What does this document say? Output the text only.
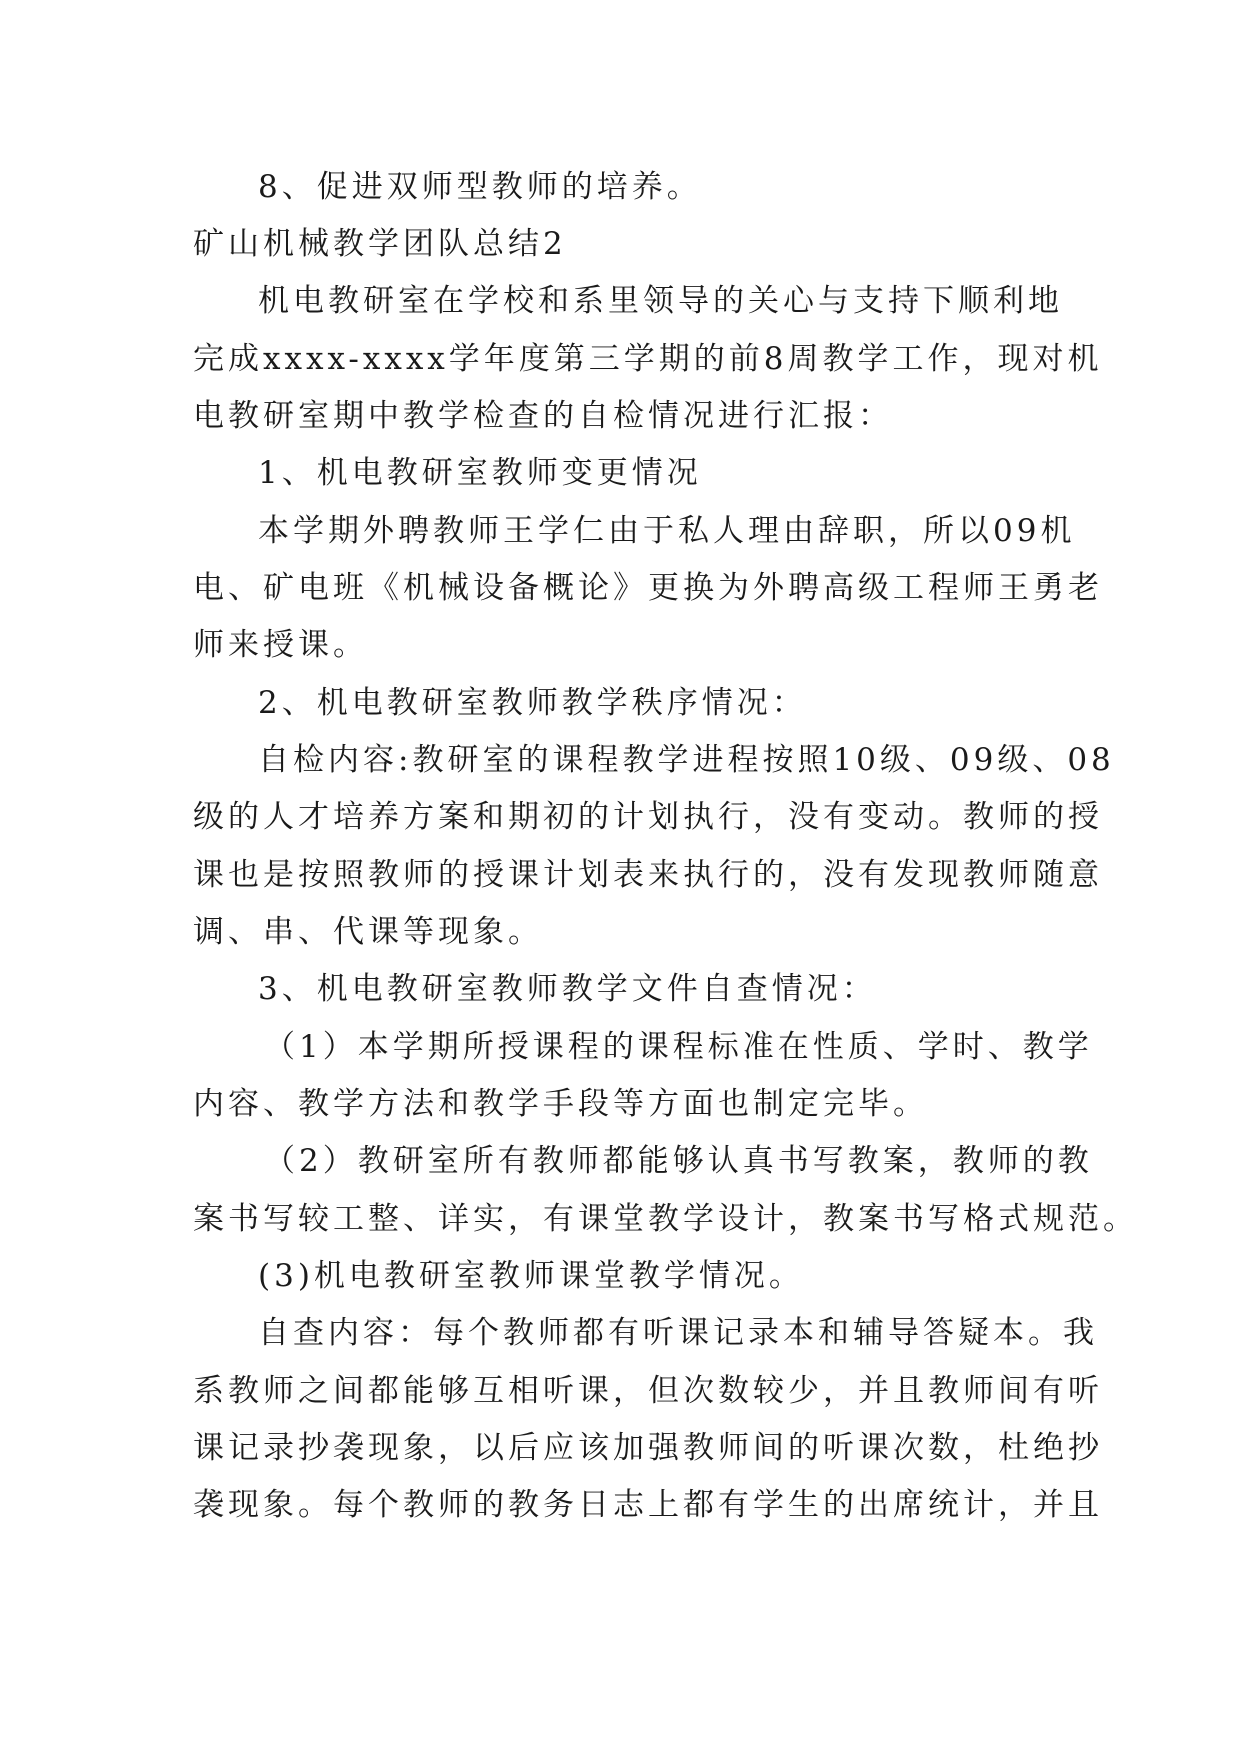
8、促进双师型教师的培养。
矿山机械教学团队总结2
机电教研室在学校和系里领导的关心与支持下顺利地
完成xxxx-xxxx学年度第三学期的前8周教学工作，现对机
电教研室期中教学检查的自检情况进行汇报：
1、机电教研室教师变更情况
本学期外聘教师王学仁由于私人理由辞职，所以09机
电、矿电班《机械设备概论》更换为外聘高级工程师王勇老
师来授课。
2、机电教研室教师教学秩序情况：
自检内容:教研室的课程教学进程按照10级、09级、08
级的人才培养方案和期初的计划执行，没有变动。教师的授
课也是按照教师的授课计划表来执行的，没有发现教师随意
调、串、代课等现象。
3、机电教研室教师教学文件自查情况：
（1）本学期所授课程的课程标准在性质、学时、教学
内容、教学方法和教学手段等方面也制定完毕。
（2）教研室所有教师都能够认真书写教案，教师的教
案书写较工整、详实，有课堂教学设计，教案书写格式规范。
(3)机电教研室教师课堂教学情况。
自查内容：每个教师都有听课记录本和辅导答疑本。我
系教师之间都能够互相听课，但次数较少，并且教师间有听
课记录抄袭现象，以后应该加强教师间的听课次数，杜绝抄
袭现象。每个教师的教务日志上都有学生的出席统计，并且
